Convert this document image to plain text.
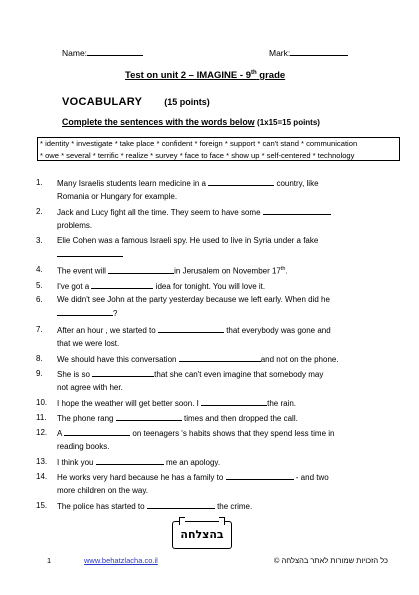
Name:	Mark:
Test on unit 2 – IMAGINE - 9th grade
VOCABULARY (15 points)
Complete the sentences with the words below (1x15=15 points)
* identity * investigate * take place * confident * foreign * support * can't stand * communication
* owe * several * terrific * realize * survey * face to face * show up * self-centered * technology
1.	Many Israelis students learn medicine in a	country, like
Romania or Hungary for example.
2.	Jack and Lucy fight all the time. They seem to have some
problems.
3.	Elie Cohen was a famous Israeli spy. He used to live in Syria under a fake
4.	The event will	in Jerusalem on November 17th.
5.	I've got a	idea for tonight. You will love it.
6.	We didn't see John at the party yesterday because we left early. When did he
?
7.	After an hour , we started to	that everybody was gone and
that we were lost.
8.	We should have this conversation	and not on the phone.
9.	She is so	that she can't even imagine that somebody may
not agree with her.
10.	I hope the weather will get better soon. I	the rain.
11.	The phone rang	times and then dropped the call.
12.	A	on teenagers 's habits shows that they spend less time in
reading books.
13.	I think you	me an apology.
14.	He works very hard because he has a family to	- and two
more children on the way.
15.	The police has started to	the crime.
בהצלחה
1	www.behatzlacha.co.il	כל הזכויות שמורות לאתר בהצלחה ©
